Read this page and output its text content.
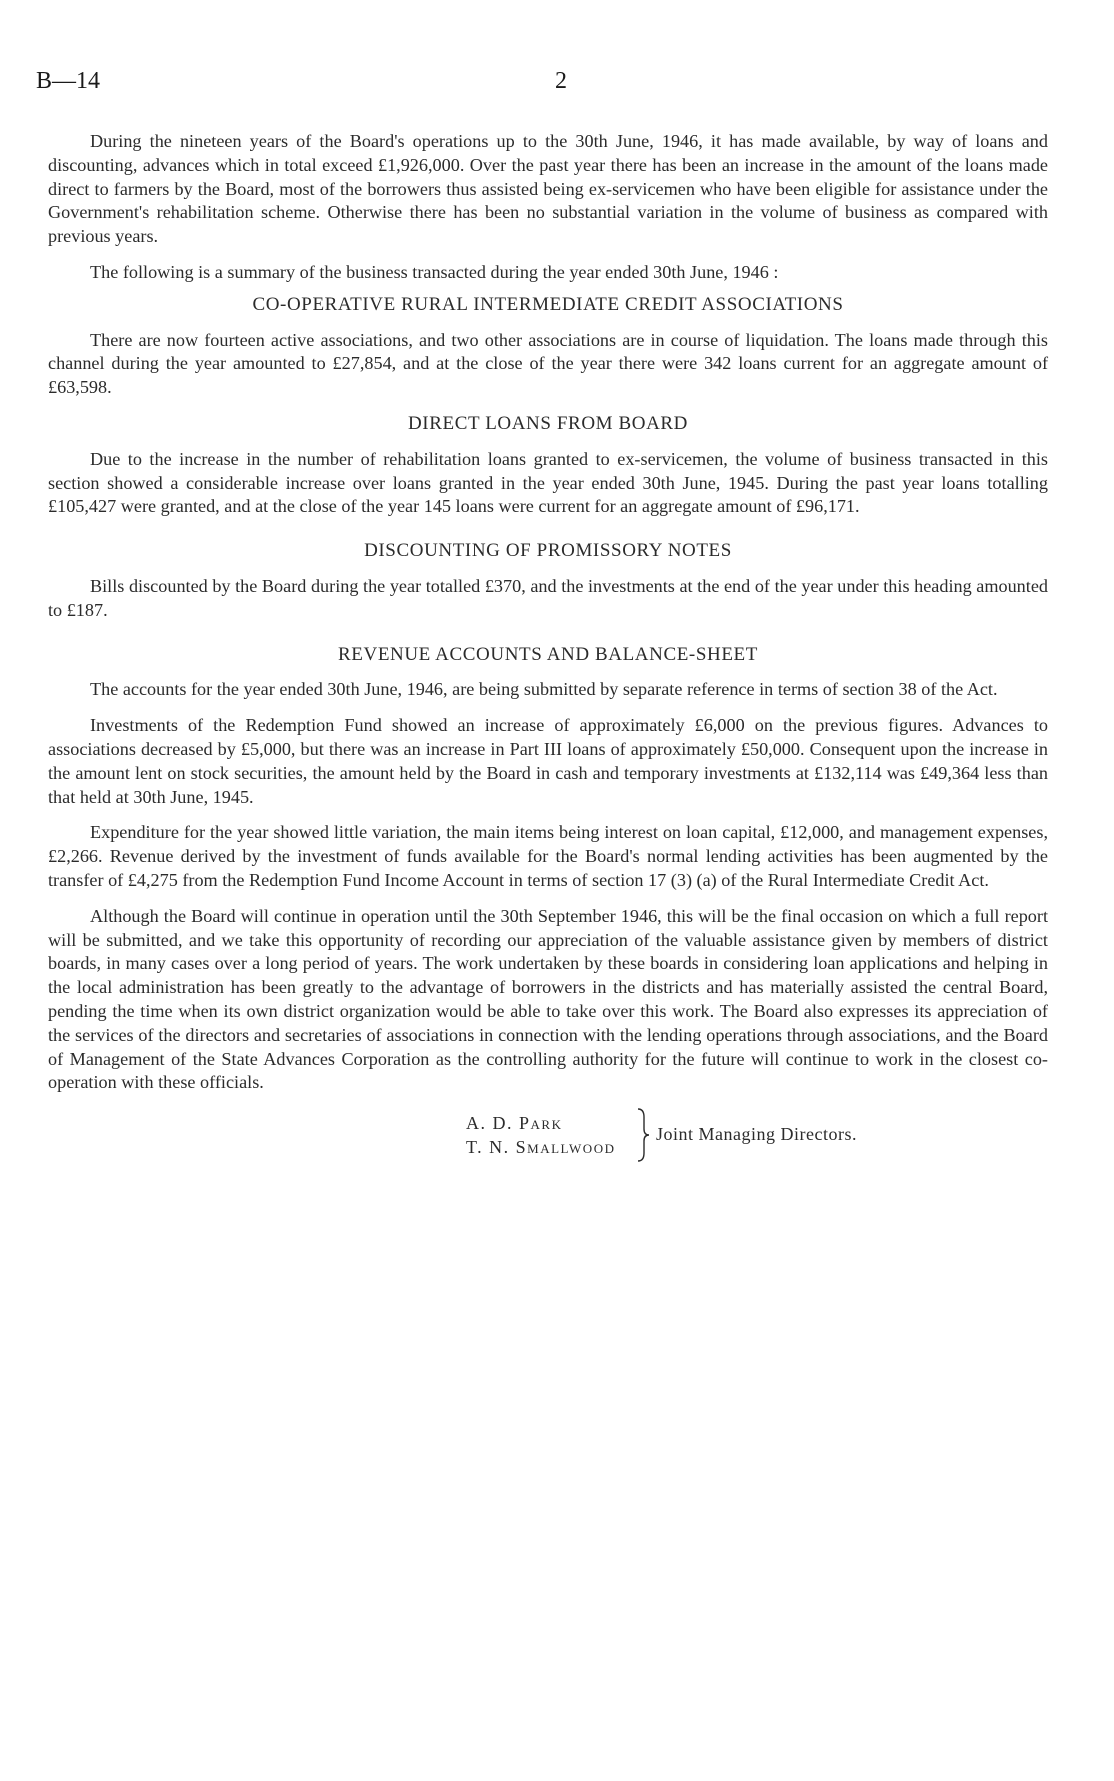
B—14	2

During the nineteen years of the Board's operations up to the 30th June, 1946, it has made available, by way of loans and discounting, advances which in total exceed £1,926,000. Over the past year there has been an increase in the amount of the loans made direct to farmers by the Board, most of the borrowers thus assisted being ex-servicemen who have been eligible for assistance under the Government's rehabilitation scheme. Otherwise there has been no substantial variation in the volume of business as compared with previous years.

The following is a summary of the business transacted during the year ended 30th June, 1946 :

CO-OPERATIVE RURAL INTERMEDIATE CREDIT ASSOCIATIONS

There are now fourteen active associations, and two other associations are in course of liquidation. The loans made through this channel during the year amounted to £27,854, and at the close of the year there were 342 loans current for an aggregate amount of £63,598.

DIRECT LOANS FROM BOARD

Due to the increase in the number of rehabilitation loans granted to ex-servicemen, the volume of business transacted in this section showed a considerable increase over loans granted in the year ended 30th June, 1945. During the past year loans totalling £105,427 were granted, and at the close of the year 145 loans were current for an aggregate amount of £96,171.

DISCOUNTING OF PROMISSORY NOTES

Bills discounted by the Board during the year totalled £370, and the investments at the end of the year under this heading amounted to £187.

REVENUE ACCOUNTS AND BALANCE-SHEET

The accounts for the year ended 30th June, 1946, are being submitted by separate reference in terms of section 38 of the Act.

Investments of the Redemption Fund showed an increase of approximately £6,000 on the previous figures. Advances to associations decreased by £5,000, but there was an increase in Part III loans of approximately £50,000. Consequent upon the increase in the amount lent on stock securities, the amount held by the Board in cash and temporary investments at £132,114 was £49,364 less than that held at 30th June, 1945.

Expenditure for the year showed little variation, the main items being interest on loan capital, £12,000, and management expenses, £2,266. Revenue derived by the investment of funds available for the Board's normal lending activities has been augmented by the transfer of £4,275 from the Redemption Fund Income Account in terms of section 17 (3) (a) of the Rural Intermediate Credit Act.

Although the Board will continue in operation until the 30th September 1946, this will be the final occasion on which a full report will be submitted, and we take this opportunity of recording our appreciation of the valuable assistance given by members of district boards, in many cases over a long period of years. The work undertaken by these boards in considering loan applications and helping in the local administration has been greatly to the advantage of borrowers in the districts and has materially assisted the central Board, pending the time when its own district organization would be able to take over this work. The Board also expresses its appreciation of the services of the directors and secretaries of associations in connection with the lending operations through associations, and the Board of Management of the State Advances Corporation as the controlling authority for the future will continue to work in the closest co-operation with these officials.

A. D. Park
T. N. Smallwood
Joint Managing Directors.
